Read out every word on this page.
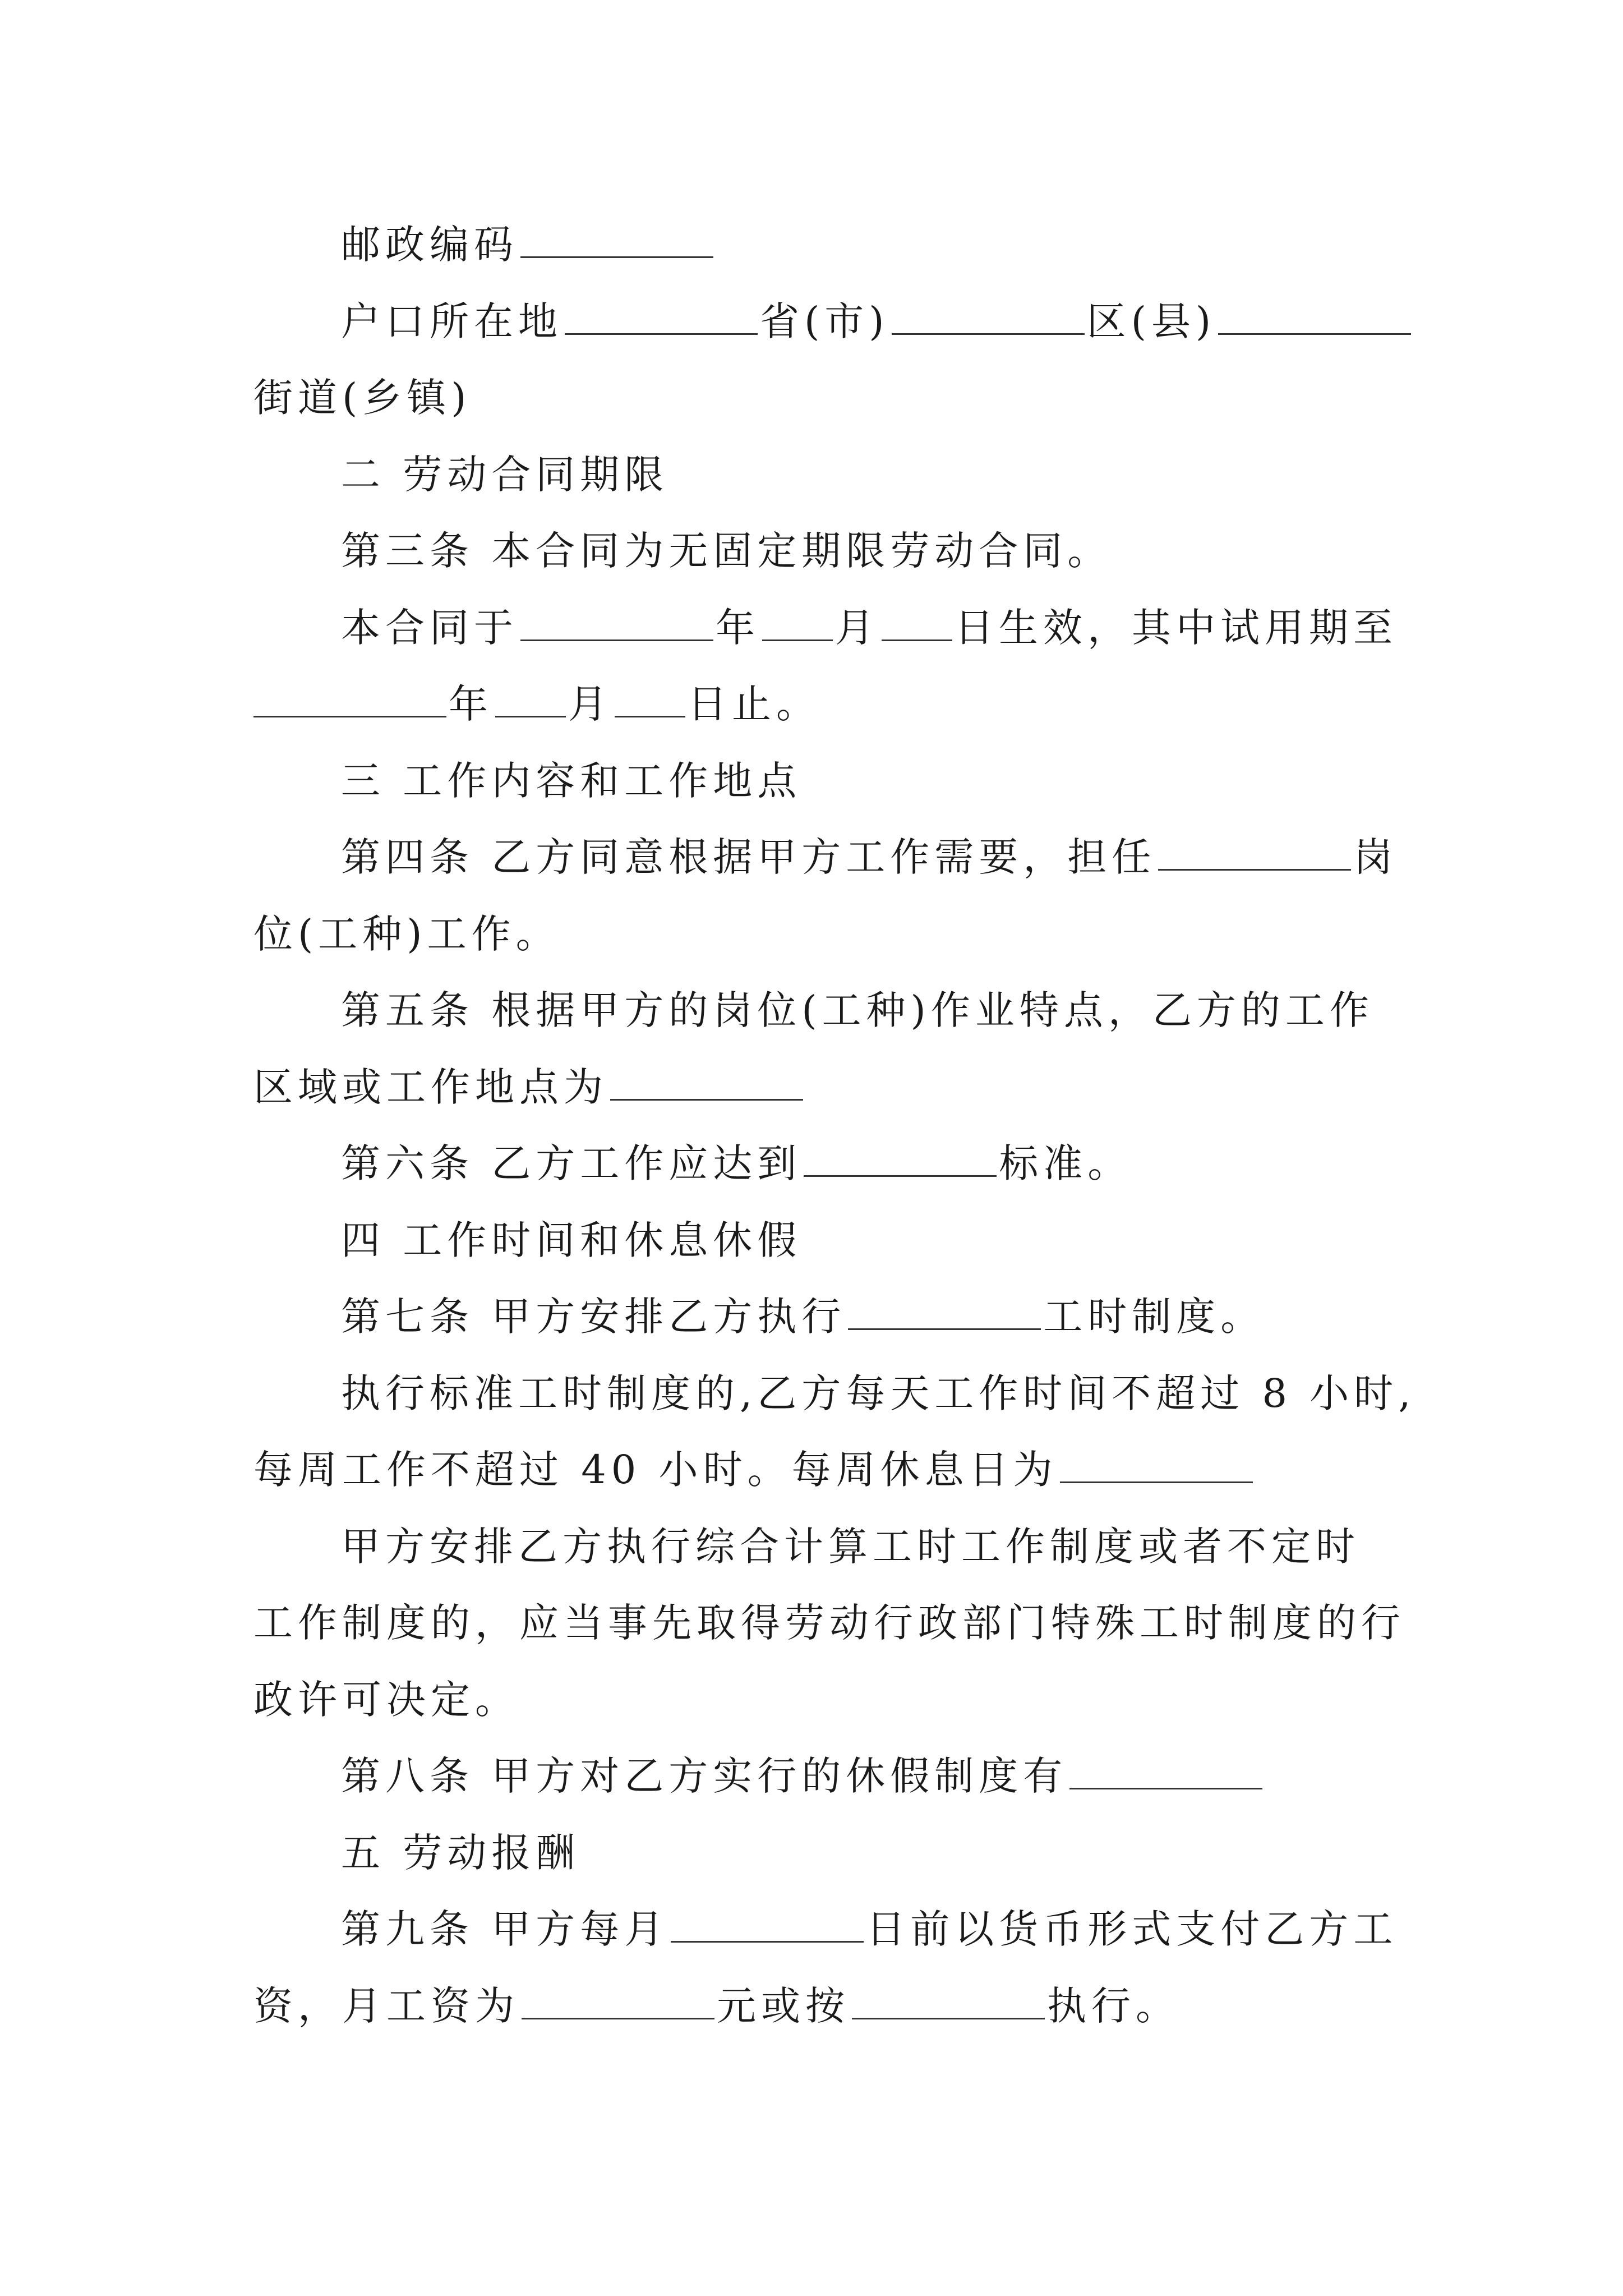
邮政编码
户口所在地	省(市)	区(县)
街道(乡镇)
二 劳动合同期限
第三条 本合同为无固定期限劳动合同。
本合同于	年 月 日生效，其中试用期至
年 月 日止。
三 工作内容和工作地点
第四条 乙方同意根据甲方工作需要，担任	岗
位(工种)工作。
第五条 根据甲方的岗位(工种)作业特点，乙方的工作
区域或工作地点为
第六条 乙方工作应达到	标准。
四 工作时间和休息休假
第七条 甲方安排乙方执行	工时制度。
执行标准工时制度的,乙方每天工作时间不超过 8 小时,
每周工作不超过 40 小时。每周休息日为
甲方安排乙方执行综合计算工时工作制度或者不定时
工作制度的，应当事先取得劳动行政部门特殊工时制度的行
政许可决定。
第八条 甲方对乙方实行的休假制度有
五 劳动报酬
第九条 甲方每月	日前以货币形式支付乙方工
资，月工资为	元或按	执行。
